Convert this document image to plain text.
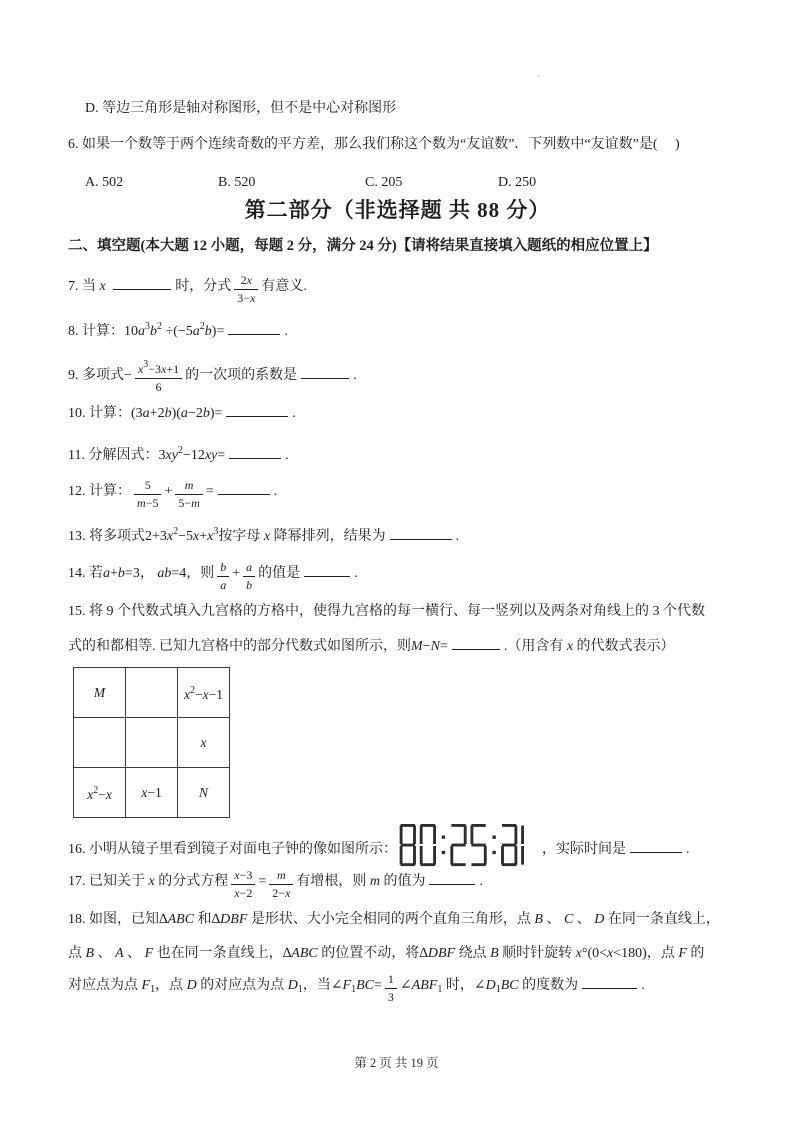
D. 等边三角形是轴对称图形，但不是中心对称图形
6. 如果一个数等于两个连续奇数的平方差，那么我们称这个数为“友谊数”．下列数中“友谊数”是(　 )
A. 502	B. 520	C. 205	D. 250
第二部分（非选择题 共 88 分）
二、填空题(本大题 12 小题，每题 2 分，满分 24 分)【请将结果直接填入题纸的相应位置上】
7. 当 x	时，分式 $\frac{2x}{3-x}$ 有意义.
8. 计算：$10a^3b^2 \div(-5a^2b)=$	.
9. 多项式− $\frac{x^3-3x+1}{6}$ 的一次项的系数是	.
10. 计算：(3a+2b)(a−2b)=	.
11. 分解因式：$3xy^2-12xy=$	.
12. 计算： $\frac{5}{m-5} + \frac{m}{5-m}$ =	.
13. 将多项式$2+3x^2-5x+x^3$按字母 x 降幂排列，结果为	.
14. 若a+b=3， ab=4，则 $\frac{b}{a} + \frac{a}{b}$ 的值是	.
15. 将 9 个代数式填入九宫格的方格中，使得九宫格的每一横行、每一竖列以及两条对角线上的 3 个代数
式的和都相等. 已知九宫格中的部分代数式如图所示，则M−N=	.（用含有 x 的代数式表示）
M		$x^2-x-1$
		x
$x^2-x$	x−1	N
16. 小明从镜子里看到镜子对面电子钟的像如图所示：	，实际时间是	.
17. 已知关于 x 的分式方程 $\frac{x-3}{x-2} = \frac{m}{2-x}$ 有增根，则 m 的值为	.
18. 如图，已知∆ABC 和∆DBF 是形状、大小完全相同的两个直角三角形，点 B 、 C 、 D 在同一条直线上，
点 B 、 A 、 F 也在同一条直线上，∆ABC 的位置不动，将∆DBF 绕点 B 顺时针旋转 x°(0<x<180)，点 F 的
对应点为点 $F_1$，点 D 的对应点为点 $D_1$，当$\angle F_1BC= \frac{1}{3}$ $\angle ABF_1$ 时，$\angle D_1BC$ 的度数为	.
·
第 2 页 共 19 页
